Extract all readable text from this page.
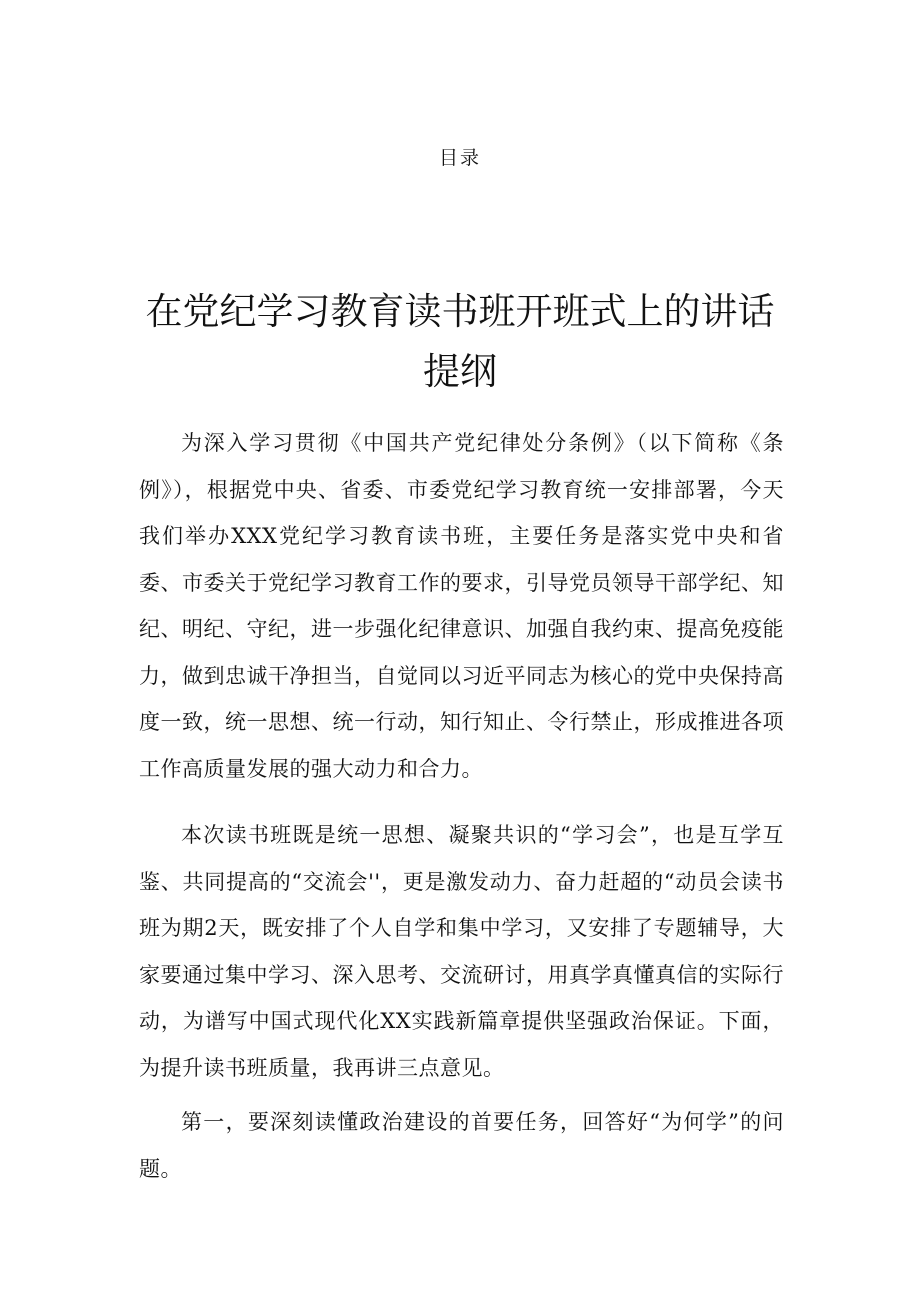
目录
在党纪学习教育读书班开班式上的讲话提纲

为深入学习贯彻《中国共产党纪律处分条例》（以下简称《条例》），根据党中央、省委、市委党纪学习教育统一安排部署，今天我们举办XXX党纪学习教育读书班，主要任务是落实党中央和省委、市委关于党纪学习教育工作的要求，引导党员领导干部学纪、知纪、明纪、守纪，进一步强化纪律意识、加强自我约束、提高免疫能力，做到忠诚干净担当，自觉同以习近平同志为核心的党中央保持高度一致，统一思想、统一行动，知行知止、令行禁止，形成推进各项工作高质量发展的强大动力和合力。

本次读书班既是统一思想、凝聚共识的“学习会”，也是互学互鉴、共同提高的“交流会''，更是激发动力、奋力赶超的“动员会读书班为期2天，既安排了个人自学和集中学习，又安排了专题辅导，大家要通过集中学习、深入思考、交流研讨，用真学真懂真信的实际行动，为谱写中国式现代化XX实践新篇章提供坚强政治保证。下面，为提升读书班质量，我再讲三点意见。

第一，要深刻读懂政治建设的首要任务，回答好“为何学”的问题。
